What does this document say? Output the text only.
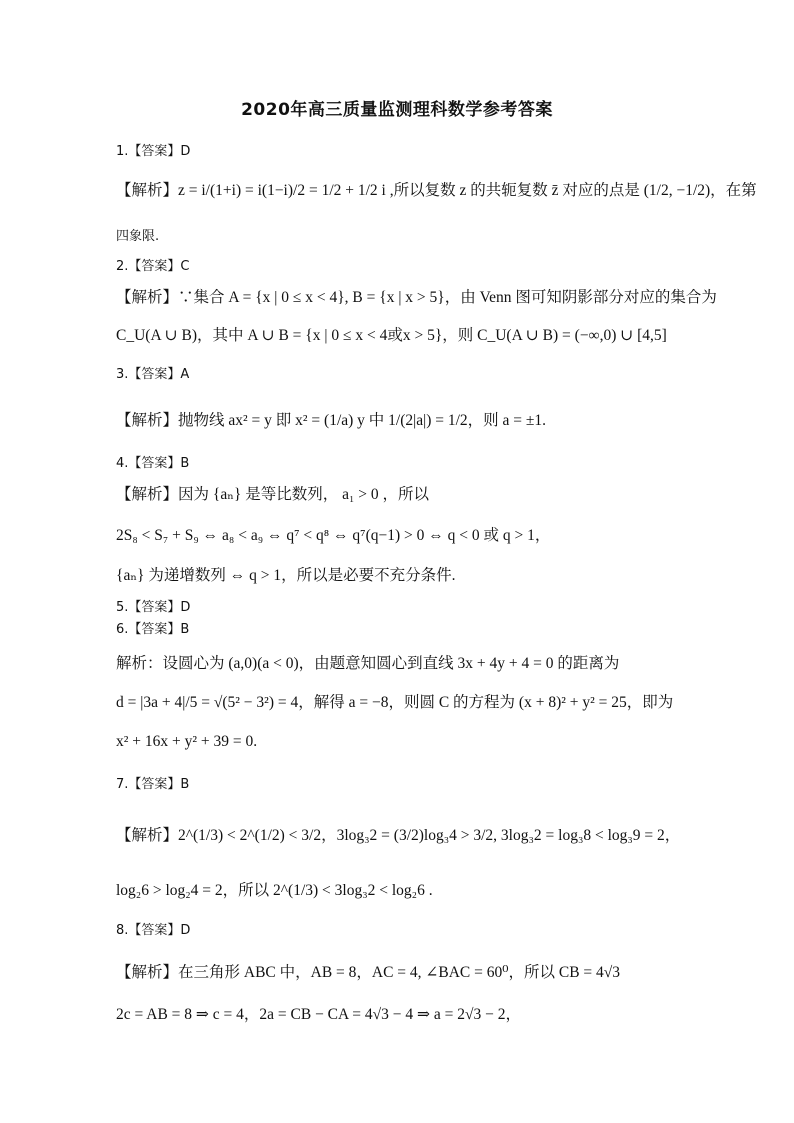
2020年高三质量监测理科数学参考答案
1.【答案】D
【解析】z = i/(1+i) = i(1−i)/2 = 1/2 + 1/2 i ,所以复数 z 的共轭复数 z̄ 对应的点是 (1/2, −1/2)，在第
四象限.
2.【答案】C
【解析】∵集合 A = {x | 0 ≤ x < 4}, B = {x | x > 5}，由 Venn 图可知阴影部分对应的集合为
C_U(A ∪ B)，其中 A ∪ B = {x | 0 ≤ x < 4或x > 5}，则 C_U(A ∪ B) = (−∞,0) ∪ [4,5]
3.【答案】A
【解析】抛物线 ax² = y 即 x² = (1/a) y 中 1/(2|a|) = 1/2，则 a = ±1.
4.【答案】B
【解析】因为 {aₙ} 是等比数列， a₁ > 0 ，所以
2S₈ < S₇ + S₉ ⇔ a₈ < a₉ ⇔ q⁷ < q⁸ ⇔ q⁷(q−1) > 0 ⇔ q < 0 或 q > 1，
{aₙ} 为递增数列 ⇔ q > 1，所以是必要不充分条件.
5.【答案】D
6.【答案】B
解析：设圆心为 (a,0)(a < 0)，由题意知圆心到直线 3x + 4y + 4 = 0 的距离为
d = |3a + 4|/5 = √(5² − 3²) = 4，解得 a = −8，则圆 C 的方程为 (x + 8)² + y² = 25，即为
x² + 16x + y² + 39 = 0.
7.【答案】B
【解析】2^(1/3) < 2^(1/2) < 3/2，3log₃2 = (3/2)log₃4 > 3/2, 3log₃2 = log₃8 < log₃9 = 2，
log₂6 > log₂4 = 2，所以 2^(1/3) < 3log₃2 < log₂6 .
8.【答案】D
【解析】在三角形 ABC 中，AB = 8，AC = 4, ∠BAC = 60⁰，所以 CB = 4√3
2c = AB = 8 ⇒ c = 4，2a = CB − CA = 4√3 − 4 ⇒ a = 2√3 − 2，
